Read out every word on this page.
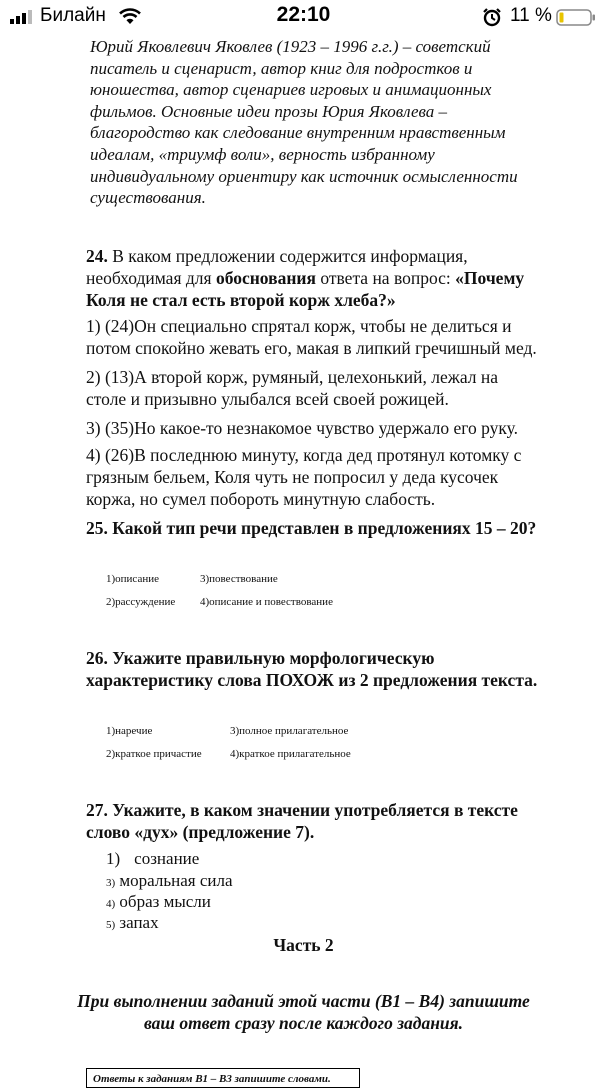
Билайн	22:10	11 %
Юрий Яковлевич Яковлев (1923 – 1996 г.г.) – советский
писатель и сценарист, автор книг для подростков и
юношества, автор сценариев игровых и анимационных
фильмов. Основные идеи прозы Юрия Яковлева –
благородство как следование внутренним нравственным
идеалам, «триумф воли», верность избранному
индивидуальному ориентиру как источник осмысленности
существования.
24. В каком предложении содержится информация,
необходимая для обоснования ответа на вопрос: «Почему
Коля не стал есть второй корж хлеба?»
1) (24)Он специально спрятал корж, чтобы не делиться и
потом спокойно жевать его, макая в липкий гречишный мед.
2) (13)А второй корж, румяный, целехонький, лежал на
столе и призывно улыбался всей своей рожицей.
3) (35)Но какое-то незнакомое чувство удержало его руку.
4) (26)В последнюю минуту, когда дед протянул котомку с
грязным бельем, Коля чуть не попросил у деда кусочек
коржа, но сумел побороть минутную слабость.
25. Какой тип речи представлен в предложениях 15 – 20?
1)описание	3)повествование
2)рассуждение 4)описание и повествование
26. Укажите правильную морфологическую
характеристику слова ПОХОЖ из 2 предложения текста.
1)наречие	3)полное прилагательное
2)краткое причастие	4)краткое прилагательное
27. Укажите, в каком значении употребляется в тексте
слово «дух» (предложение 7).
1) сознание
3) моральная сила
4) образ мысли
5) запах
Часть 2
При выполнении заданий этой части (B1 – B4) запишите
ваш ответ сразу после каждого задания.
Ответы к заданиям B1 – B3 запишите словами.
